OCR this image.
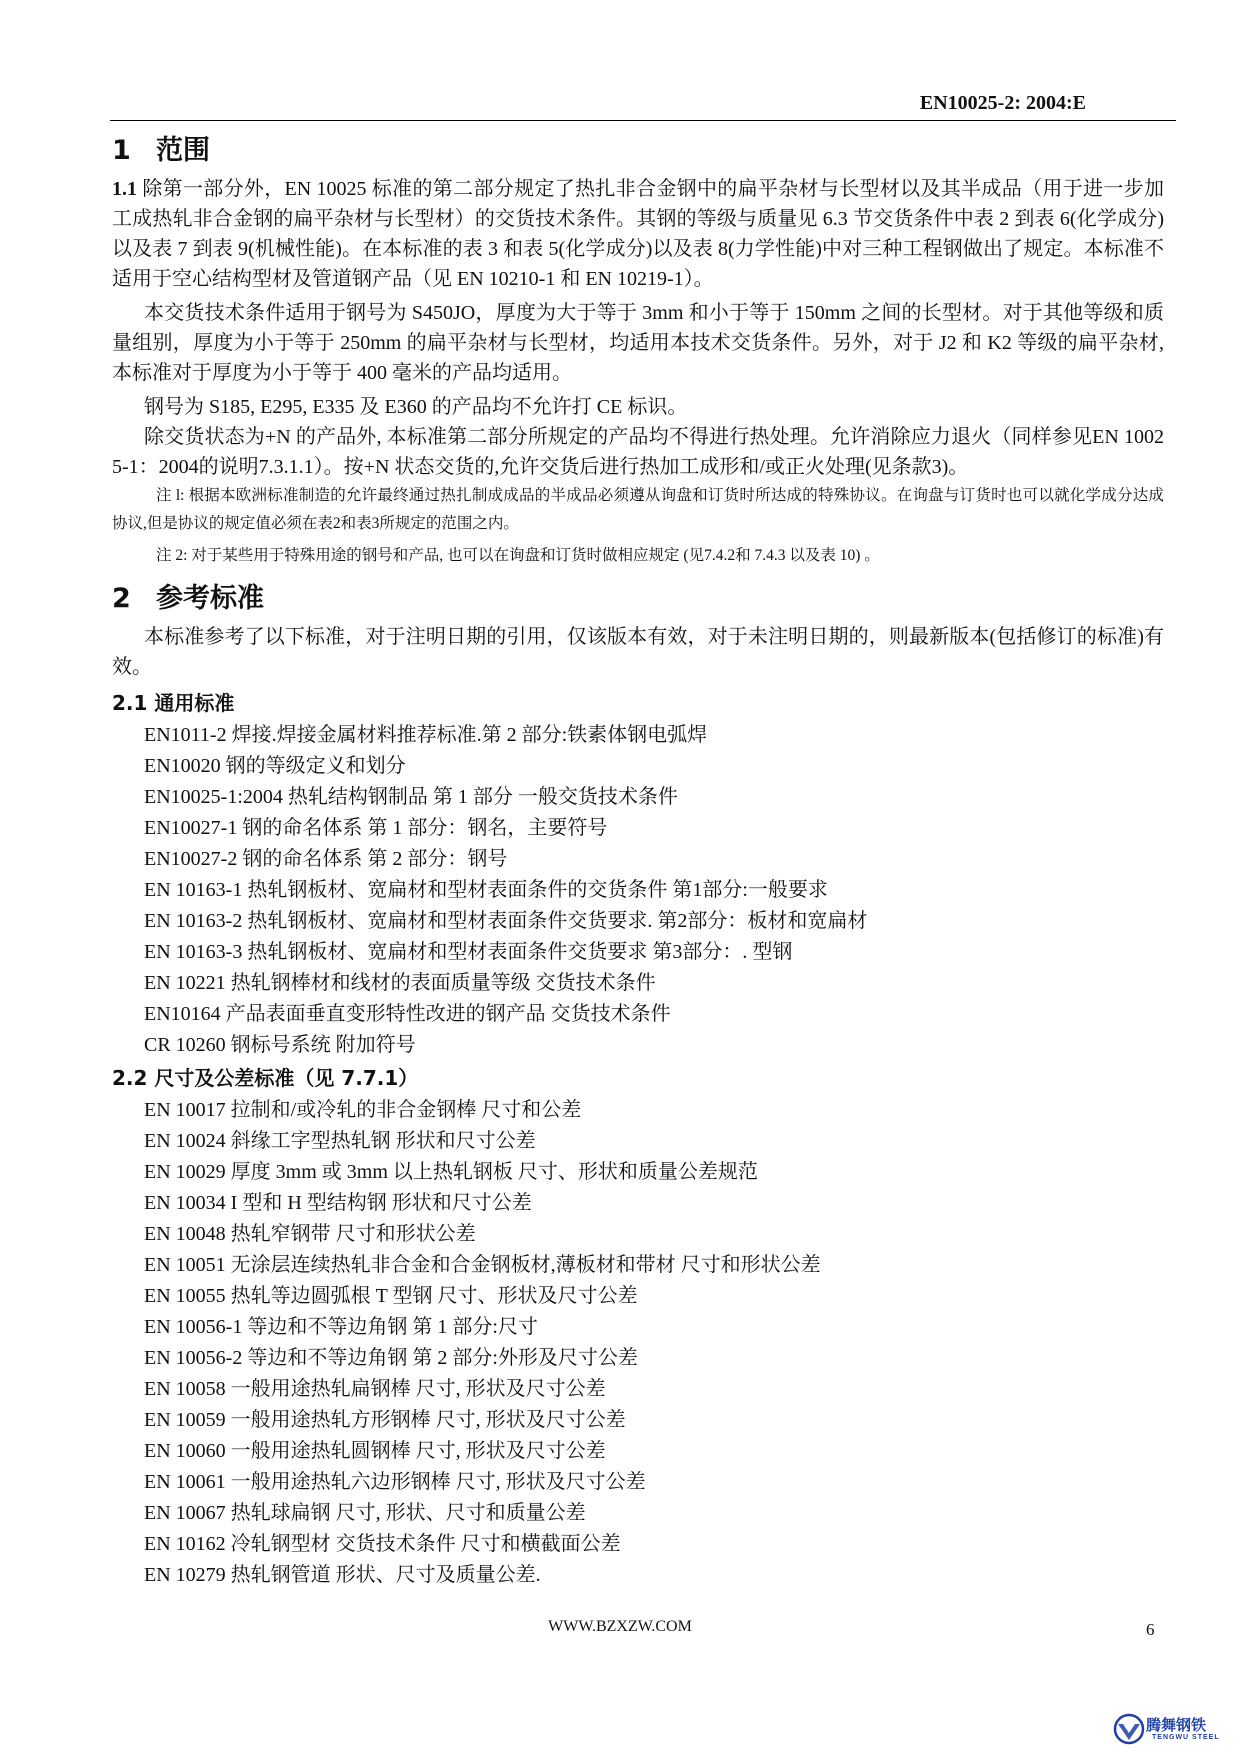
EN10025-2: 2004:E
1 范围

1.1 除第一部分外，EN 10025 标准的第二部分规定了热扎非合金钢中的扁平杂材与长型材以及其半成品（用于进一步加工成热轧非合金钢的扁平杂材与长型材）的交货技术条件。其钢的等级与质量见 6.3 节交货条件中表 2 到表 6(化学成分)以及表 7 到表 9(机械性能)。在本标准的表 3 和表 5(化学成分)以及表 8(力学性能)中对三种工程钢做出了规定。本标准不适用于空心结构型材及管道钢产品（见 EN 10210-1 和 EN 10219-1）。

本交货技术条件适用于钢号为 S450JO，厚度为大于等于 3mm 和小于等于 150mm 之间的长型材。对于其他等级和质量组别，厚度为小于等于 250mm 的扁平杂材与长型材，均适用本技术交货条件。另外，对于 J2 和 K2 等级的扁平杂材,本标准对于厚度为小于等于 400 毫米的产品均适用。

钢号为 S185, E295, E335 及 E360 的产品均不允许打 CE 标识。

除交货状态为+N 的产品外, 本标准第二部分所规定的产品均不得进行热处理。允许消除应力退火（同样参见EN 10025-1：2004的说明7.3.1.1）。按+N 状态交货的,允许交货后进行热加工成形和/或正火处理(见条款3)。

注 l: 根据本欧洲标准制造的允许最终通过热扎制成成品的半成品必须遵从询盘和订货时所达成的特殊协议。在询盘与订货时也可以就化学成分达成协议,但是协议的规定值必须在表2和表3所规定的范围之内。

注 2: 对于某些用于特殊用途的钢号和产品, 也可以在询盘和订货时做相应规定 (见7.4.2和 7.4.3 以及表 10) 。

2 参考标准

本标准参考了以下标准，对于注明日期的引用，仅该版本有效，对于未注明日期的，则最新版本(包括修订的标准)有效。

2.1 通用标准
EN1011-2 焊接.焊接金属材料推荐标准.第 2 部分:铁素体钢电弧焊
EN10020 钢的等级定义和划分
EN10025-1:2004 热轧结构钢制品 第 1 部分 一般交货技术条件
EN10027-1 钢的命名体系 第 1 部分：钢名，主要符号
EN10027-2 钢的命名体系 第 2 部分：钢号
EN 10163-1 热轧钢板材、宽扁材和型材表面条件的交货条件 第1部分:一般要求
EN 10163-2 热轧钢板材、宽扁材和型材表面条件交货要求. 第2部分：板材和宽扁材
EN 10163-3 热轧钢板材、宽扁材和型材表面条件交货要求 第3部分：. 型钢
EN 10221 热轧钢棒材和线材的表面质量等级 交货技术条件
EN10164 产品表面垂直变形特性改进的钢产品 交货技术条件
CR 10260 钢标号系统 附加符号
2.2 尺寸及公差标准（见 7.7.1）
EN 10017 拉制和/或冷轧的非合金钢棒 尺寸和公差
EN 10024 斜缘工字型热轧钢 形状和尺寸公差
EN 10029 厚度 3mm 或 3mm 以上热轧钢板 尺寸、形状和质量公差规范
EN 10034 I 型和 H 型结构钢 形状和尺寸公差
EN 10048 热轧窄钢带 尺寸和形状公差
EN 10051 无涂层连续热轧非合金和合金钢板材,薄板材和带材 尺寸和形状公差
EN 10055 热轧等边圆弧根 T 型钢 尺寸、形状及尺寸公差
EN 10056-1 等边和不等边角钢 第 1 部分:尺寸
EN 10056-2 等边和不等边角钢 第 2 部分:外形及尺寸公差
EN 10058 一般用途热轧扁钢棒 尺寸, 形状及尺寸公差
EN 10059 一般用途热轧方形钢棒 尺寸, 形状及尺寸公差
EN 10060 一般用途热轧圆钢棒 尺寸, 形状及尺寸公差
EN 10061 一般用途热轧六边形钢棒 尺寸, 形状及尺寸公差
EN 10067 热轧球扁钢 尺寸, 形状、尺寸和质量公差
EN 10162 冷轧钢型材 交货技术条件 尺寸和横截面公差
EN 10279 热轧钢管道 形状、尺寸及质量公差.
WWW.BZXZW.COM	6
腾舞钢铁
TENGWU STEEL
